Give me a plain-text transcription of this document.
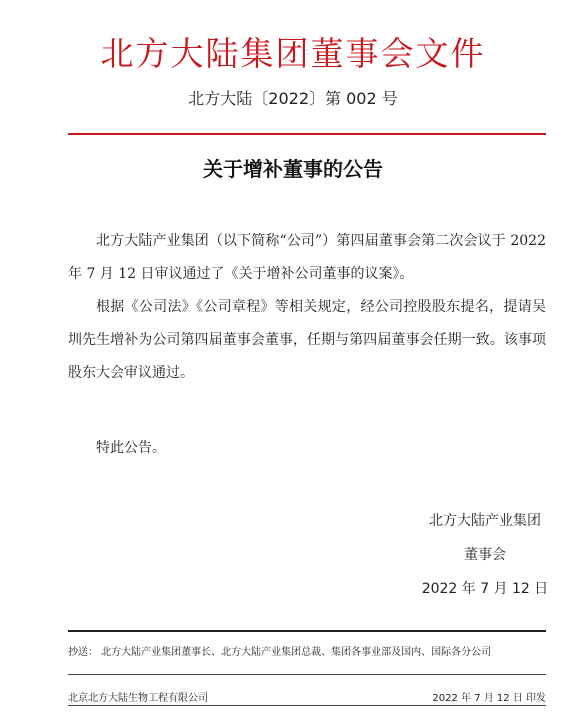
北方大陆集团董事会文件
北方大陆〔2022〕第 002 号
关于增补董事的公告

北方大陆产业集团（以下简称“公司”）第四届董事会第二次会议于 2022 年 7 月 12 日审议通过了《关于增补公司董事的议案》。

根据《公司法》《公司章程》等相关规定，经公司控股股东提名，提请吴圳先生增补为公司第四届董事会董事，任期与第四届董事会任期一致。该事项股东大会审议通过。

特此公告。

北方大陆产业集团
董事会
2022 年 7 月 12 日
抄送： 北方大陆产业集团董事长、北方大陆产业集团总裁、集团各事业部及国内、国际各分公司
北京北方大陆生物工程有限公司	2022 年 7 月 12 日 印发
